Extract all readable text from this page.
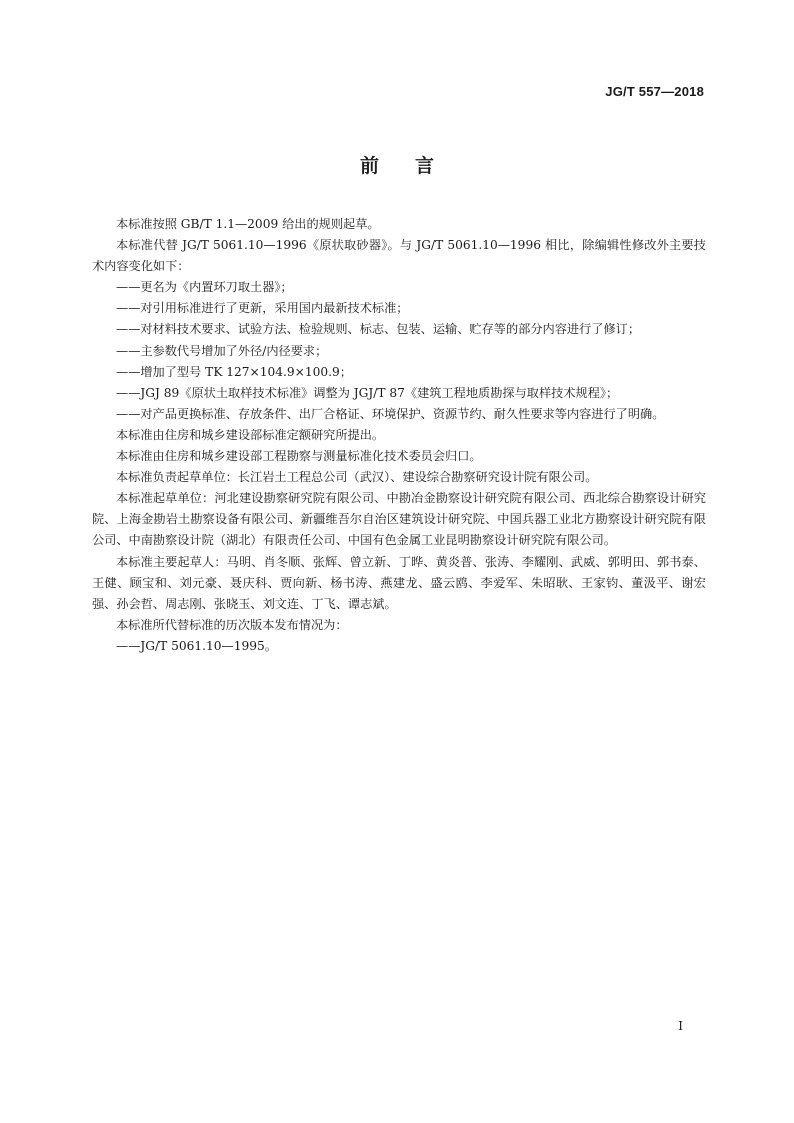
JG/T 557—2018
前言

本标准按照 GB/T 1.1—2009 给出的规则起草。

本标准代替 JG/T 5061.10—1996《原状取砂器》。与 JG/T 5061.10—1996 相比，除编辑性修改外主要技术内容变化如下：

——更名为《内置环刀取土器》；

——对引用标准进行了更新，采用国内最新技术标准；

——对材料技术要求、试验方法、检验规则、标志、包装、运输、贮存等的部分内容进行了修订；

——主参数代号增加了外径/内径要求；

——增加了型号 TK 127×104.9×100.9；

——JGJ 89《原状土取样技术标准》调整为 JGJ/T 87《建筑工程地质勘探与取样技术规程》；

——对产品更换标准、存放条件、出厂合格证、环境保护、资源节约、耐久性要求等内容进行了明确。

本标准由住房和城乡建设部标准定额研究所提出。

本标准由住房和城乡建设部工程勘察与测量标准化技术委员会归口。

本标准负责起草单位：长江岩土工程总公司（武汉）、建设综合勘察研究设计院有限公司。

本标准起草单位：河北建设勘察研究院有限公司、中勘冶金勘察设计研究院有限公司、西北综合勘察设计研究院、上海金勘岩土勘察设备有限公司、新疆维吾尔自治区建筑设计研究院、中国兵器工业北方勘察设计研究院有限公司、中南勘察设计院（湖北）有限责任公司、中国有色金属工业昆明勘察设计研究院有限公司。

本标准主要起草人：马明、肖冬顺、张辉、曾立新、丁晔、黄炎普、张涛、李耀刚、武威、郭明田、郭书泰、王健、顾宝和、刘元豪、聂庆科、贾向新、杨书涛、燕建龙、盛云鸥、李爱军、朱昭耿、王家钧、董汲平、谢宏强、孙会哲、周志刚、张晓玉、刘文连、丁飞、谭志斌。

本标准所代替标准的历次版本发布情况为：

——JG/T 5061.10—1995。

I
